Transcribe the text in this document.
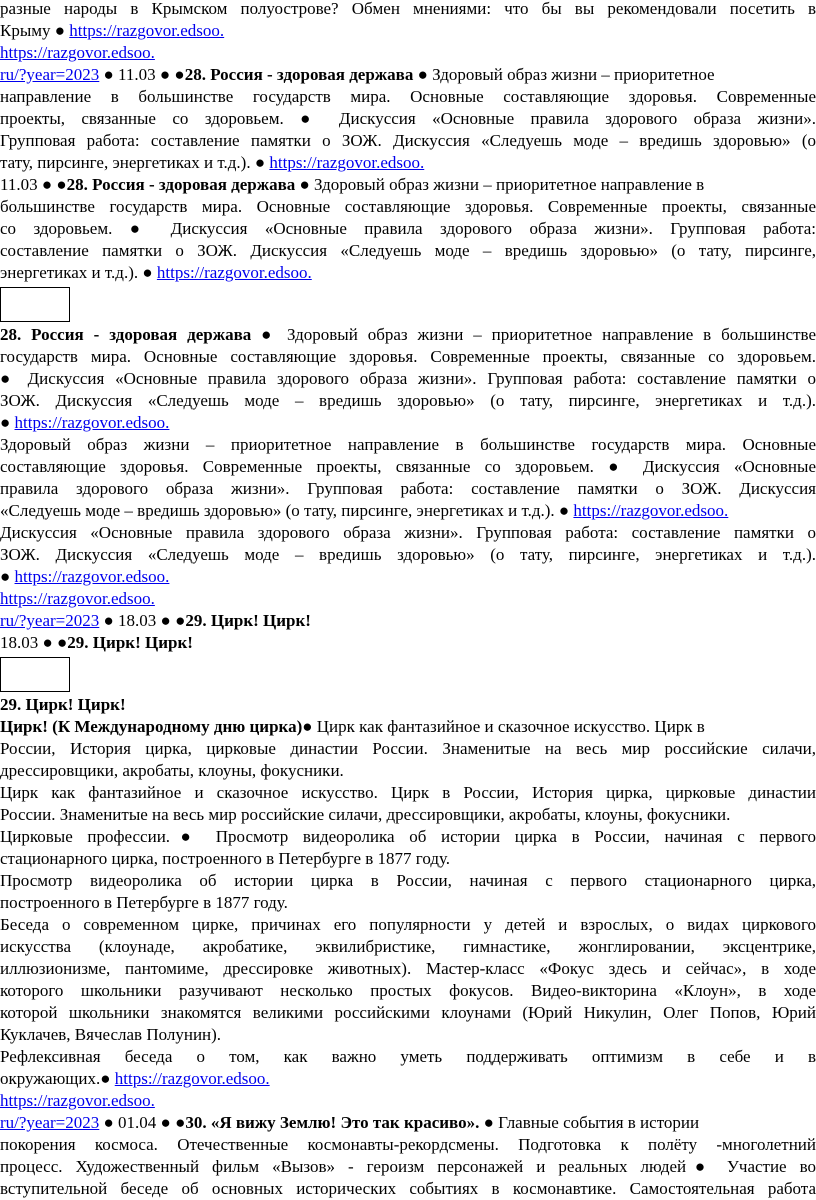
разные народы в Крымском полуострове? Обмен мнениями: что бы вы рекомендовали посетить в
Крыму ● https://razgovor.edsoo.
https://razgovor.edsoo.
ru/?year=2023 ● 11.03 ● ●28. Россия - здоровая держава ● Здоровый образ жизни – приоритетное
направление в большинстве государств мира. Основные составляющие здоровья. Современные
проекты, связанные со здоровьем. ● Дискуссия «Основные правила здорового образа жизни».
Групповая работа: составление памятки о ЗОЖ. Дискуссия «Следуешь моде – вредишь здоровью» (о
тату, пирсинге, энергетиках и т.д.). ● https://razgovor.edsoo.
11.03 ● ●28. Россия - здоровая держава ● Здоровый образ жизни – приоритетное направление в
большинстве государств мира. Основные составляющие здоровья. Современные проекты, связанные
со здоровьем. ● Дискуссия «Основные правила здорового образа жизни». Групповая работа:
составление памятки о ЗОЖ. Дискуссия «Следуешь моде – вредишь здоровью» (о тату, пирсинге,
энергетиках и т.д.). ● https://razgovor.edsoo.
28. Россия - здоровая держава ● Здоровый образ жизни – приоритетное направление в большинстве
государств мира. Основные составляющие здоровья. Современные проекты, связанные со здоровьем.
● Дискуссия «Основные правила здорового образа жизни». Групповая работа: составление памятки о
ЗОЖ. Дискуссия «Следуешь моде – вредишь здоровью» (о тату, пирсинге, энергетиках и т.д.).
● https://razgovor.edsoo.
Здоровый образ жизни – приоритетное направление в большинстве государств мира. Основные
составляющие здоровья. Современные проекты, связанные со здоровьем. ● Дискуссия «Основные
правила здорового образа жизни». Групповая работа: составление памятки о ЗОЖ. Дискуссия
«Следуешь моде – вредишь здоровью» (о тату, пирсинге, энергетиках и т.д.). ● https://razgovor.edsoo.
Дискуссия «Основные правила здорового образа жизни». Групповая работа: составление памятки о
ЗОЖ. Дискуссия «Следуешь моде – вредишь здоровью» (о тату, пирсинге, энергетиках и т.д.).
● https://razgovor.edsoo.
https://razgovor.edsoo.
ru/?year=2023 ● 18.03 ● ●29. Цирк! Цирк!
18.03 ● ●29. Цирк! Цирк!
29. Цирк! Цирк!
Цирк! (К Международному дню цирка)● Цирк как фантазийное и сказочное искусство. Цирк в
России, История цирка, цирковые династии России. Знаменитые на весь мир российские силачи,
дрессировщики, акробаты, клоуны, фокусники.
Цирк как фантазийное и сказочное искусство. Цирк в России, История цирка, цирковые династии
России. Знаменитые на весь мир российские силачи, дрессировщики, акробаты, клоуны, фокусники.
Цирковые профессии.● Просмотр видеоролика об истории цирка в России, начиная с первого
стационарного цирка, построенного в Петербурге в 1877 году.
Просмотр видеоролика об истории цирка в России, начиная с первого стационарного цирка,
построенного в Петербурге в 1877 году.
Беседа о современном цирке, причинах его популярности у детей и взрослых, о видах циркового
искусства (клоунаде, акробатике, эквилибристике, гимнастике, жонглировании, эксцентрике,
иллюзионизме, пантомиме, дрессировке животных). Мастер-класс «Фокус здесь и сейчас», в ходе
которого школьники разучивают несколько простых фокусов. Видео-викторина «Клоун», в ходе
которой школьники знакомятся великими российскими клоунами (Юрий Никулин, Олег Попов, Юрий
Куклачев, Вячеслав Полунин).
Рефлексивная беседа о том, как важно уметь поддерживать оптимизм в себе и в
окружающих.● https://razgovor.edsoo.
https://razgovor.edsoo.
ru/?year=2023 ● 01.04 ● ●30. «Я вижу Землю! Это так красиво». ● Главные события в истории
покорения космоса. Отечественные космонавты-рекордсмены. Подготовка к полёту -многолетний
процесс. Художественный фильм «Вызов» - героизм персонажей и реальных людей● Участие во
вступительной беседе об основных исторических событиях в космонавтике. Самостоятельная работа
